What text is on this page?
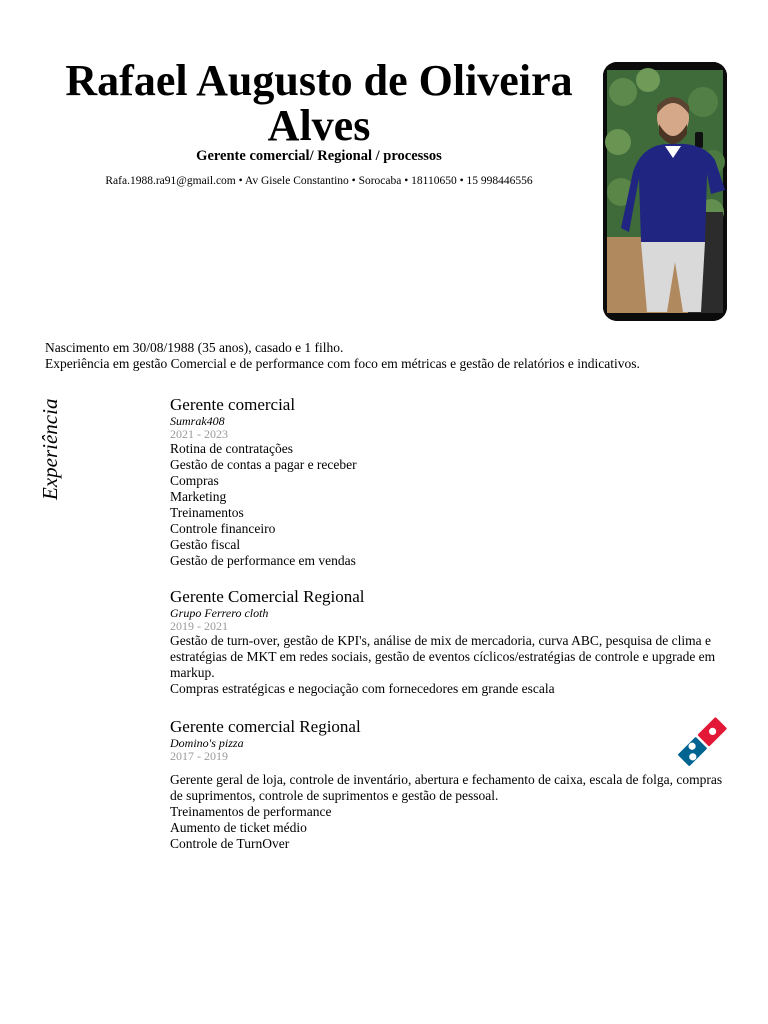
Rafael Augusto de Oliveira Alves
Gerente comercial/ Regional / processos
Rafa.1988.ra91@gmail.com • Av Gisele Constantino • Sorocaba • 18110650 • 15 998446556
Nascimento em 30/08/1988 (35 anos), casado e 1 filho.
Experiência em gestão Comercial e de performance com foco em métricas e gestão de relatórios e indicativos.
Experiência	Gerente comercial
Sumrak408
2021 - 2023
Rotina de contratações
Gestão de contas a pagar e receber
Compras
Marketing
Treinamentos
Controle financeiro
Gestão fiscal
Gestão de performance em vendas
Gerente Comercial Regional
Grupo Ferrero cloth
2019 - 2021
Gestão de turn-over, gestão de KPI's, análise de mix de mercadoria, curva ABC, pesquisa de clima e estratégias de MKT em redes sociais, gestão de eventos cíclicos/estratégias de controle e upgrade em markup.
Compras estratégicas e negociação com fornecedores em grande escala
Gerente comercial Regional
Domino's pizza
2017 - 2019
Gerente geral de loja, controle de inventário, abertura e fechamento de caixa, escala de folga, compras de suprimentos, controle de suprimentos e gestão de pessoal.
Treinamentos de performance
Aumento de ticket médio
Controle de TurnOver
